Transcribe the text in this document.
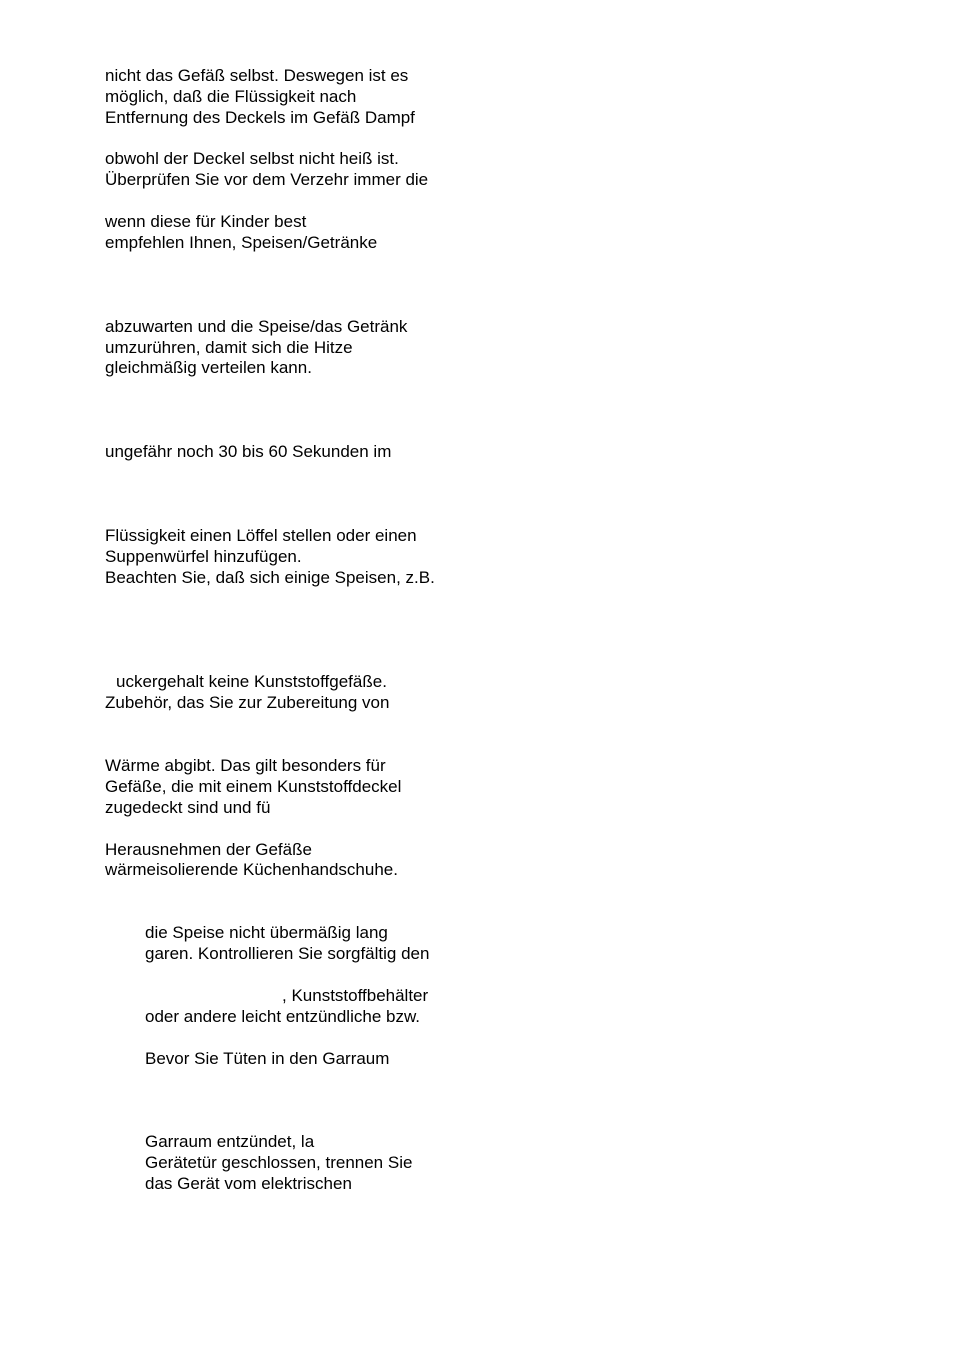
nicht das Gefäß selbst. Deswegen ist es
möglich, daß die Flüssigkeit nach
Entfernung des Deckels im Gefäß Dampf
obwohl der Deckel selbst nicht heiß ist.
Überprüfen Sie vor dem Verzehr immer die
wenn diese für Kinder best
empfehlen Ihnen, Speisen/Getränke
abzuwarten und die Speise/das Getränk
umzurühren, damit sich die Hitze
gleichmäßig verteilen kann.
ungefähr noch 30 bis 60 Sekunden im
Flüssigkeit einen Löffel stellen oder einen
Suppenwürfel hinzufügen.
Beachten Sie, daß sich einige Speisen, z.B.
uckergehalt keine Kunststoffgefäße.
Zubehör, das Sie zur Zubereitung von
Wärme abgibt. Das gilt besonders für
Gefäße, die mit einem Kunststoffdeckel
zugedeckt sind und fü
Herausnehmen der Gefäße
wärmeisolierende Küchenhandschuhe.
die Speise nicht übermäßig lang
garen. Kontrollieren Sie sorgfältig den
, Kunststoffbehälter
oder andere leicht entzündliche bzw.
Bevor Sie Tüten in den Garraum
Garraum entzündet, la
Gerätetür geschlossen, trennen Sie
das Gerät vom elektrischen
